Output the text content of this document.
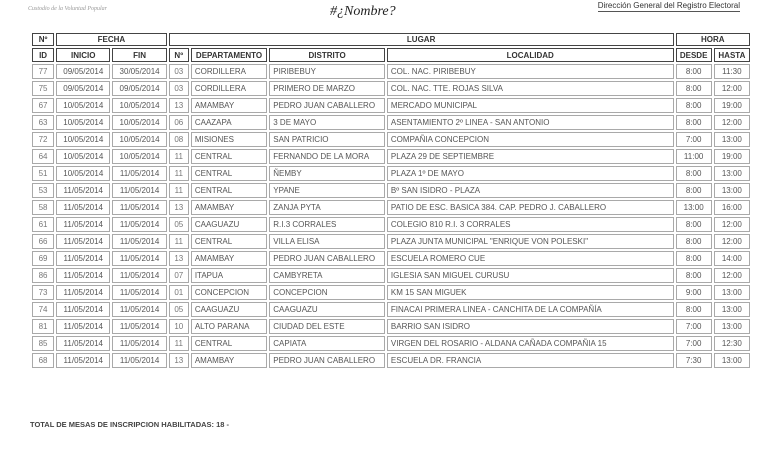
Custodio de la Voluntad Popular	#¿Nombre?	Dirección General del Registro Electoral
Nº	FECHA		LUGAR				HORA	
ID	INICIO	FIN	Nº	DEPARTAMENTO	DISTRITO	LOCALIDAD	DESDE	HASTA
77	09/05/2014	30/05/2014	03	CORDILLERA	PIRIBEBUY	COL. NAC. PIRIBEBUY	8:00	11:30
75	09/05/2014	09/05/2014	03	CORDILLERA	PRIMERO DE MARZO	COL. NAC. TTE. ROJAS SILVA	8:00	12:00
67	10/05/2014	10/05/2014	13	AMAMBAY	PEDRO JUAN CABALLERO	MERCADO MUNICIPAL	8:00	19:00
63	10/05/2014	10/05/2014	06	CAAZAPA	3 DE MAYO	ASENTAMIENTO 2º LINEA - SAN ANTONIO	8:00	12:00
72	10/05/2014	10/05/2014	08	MISIONES	SAN PATRICIO	COMPAÑIA CONCEPCION	7:00	13:00
64	10/05/2014	10/05/2014	11	CENTRAL	FERNANDO DE LA MORA	PLAZA 29 DE SEPTIEMBRE	11:00	19:00
51	10/05/2014	11/05/2014	11	CENTRAL	ÑEMBY	PLAZA 1º DE MAYO	8:00	13:00
53	11/05/2014	11/05/2014	11	CENTRAL	YPANE	Bº SAN ISIDRO - PLAZA	8:00	13:00
58	11/05/2014	11/05/2014	13	AMAMBAY	ZANJA PYTA	PATIO DE ESC. BASICA 384. CAP. PEDRO J. CABALLERO	13:00	16:00
61	11/05/2014	11/05/2014	05	CAAGUAZU	R.I.3 CORRALES	COLEGIO 810 R.I. 3 CORRALES	8:00	12:00
66	11/05/2014	11/05/2014	11	CENTRAL	VILLA ELISA	PLAZA JUNTA MUNICIPAL "ENRIQUE VON POLESKI"	8:00	12:00
69	11/05/2014	11/05/2014	13	AMAMBAY	PEDRO JUAN CABALLERO	ESCUELA ROMERO CUE	8:00	14:00
86	11/05/2014	11/05/2014	07	ITAPUA	CAMBYRETA	IGLESIA SAN MIGUEL CURUSU	8:00	12:00
73	11/05/2014	11/05/2014	01	CONCEPCION	CONCEPCION	KM 15 SAN MIGUEK	9:00	13:00
74	11/05/2014	11/05/2014	05	CAAGUAZU	CAAGUAZU	FINACAI PRIMERA LINEA - CANCHITA DE LA COMPAÑÍA	8:00	13:00
81	11/05/2014	11/05/2014	10	ALTO PARANA	CIUDAD DEL ESTE	BARRIO SAN ISIDRO	7:00	13:00
85	11/05/2014	11/05/2014	11	CENTRAL	CAPIATA	VIRGEN DEL ROSARIO - ALDANA CAÑADA COMPAÑIA 15	7:00	12:30
68	11/05/2014	11/05/2014	13	AMAMBAY	PEDRO JUAN CABALLERO	ESCUELA DR. FRANCIA	7:30	13:00
TOTAL DE MESAS DE INSCRIPCION HABILITADAS: 18 -
